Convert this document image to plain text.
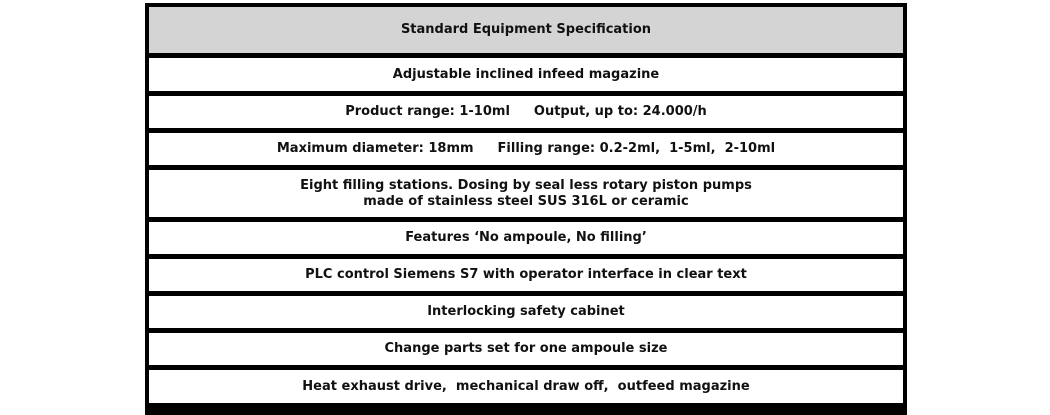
Standard Equipment Specification
Adjustable inclined infeed magazine
Product range: 1-10ml Output, up to: 24.000/h
Maximum diameter: 18mm Filling range: 0.2-2ml,  1-5ml,  2-10ml
Eight filling stations. Dosing by seal less rotary piston pumps
made of stainless steel SUS 316L or ceramic
Features ‘No ampoule, No filling’
PLC control Siemens S7 with operator interface in clear text
Interlocking safety cabinet
Change parts set for one ampoule size
Heat exhaust drive,  mechanical draw off,  outfeed magazine
